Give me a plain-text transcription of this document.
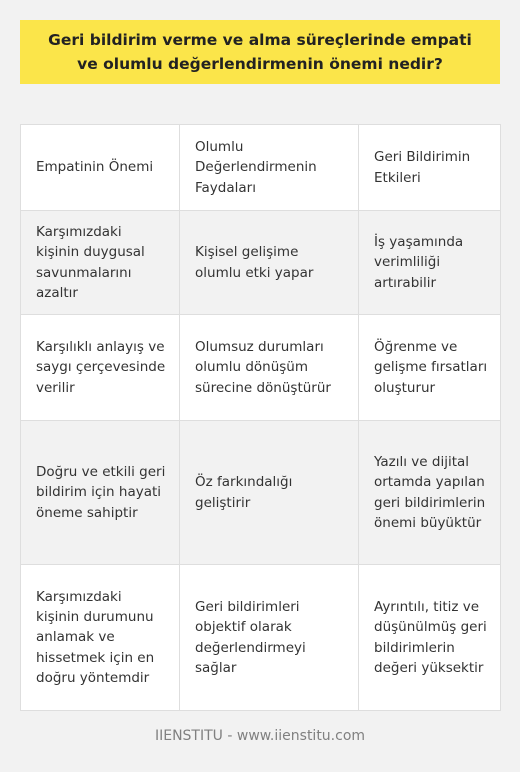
Geri bildirim verme ve alma süreçlerinde empati ve olumlu değerlendirmenin önemi nedir?
Empatinin Önemi	Olumlu Değerlendirmenin Faydaları	Geri Bildirimin Etkileri
Karşımızdaki kişinin duygusal savunmalarını azaltır	Kişisel gelişime olumlu etki yapar	İş yaşamında verimliliği artırabilir
Karşılıklı anlayış ve saygı çerçevesinde verilir	Olumsuz durumları olumlu dönüşüm sürecine dönüştürür	Öğrenme ve gelişme fırsatları oluşturur
Doğru ve etkili geri bildirim için hayati öneme sahiptir	Öz farkındalığı geliştirir	Yazılı ve dijital ortamda yapılan geri bildirimlerin önemi büyüktür
Karşımızdaki kişinin durumunu anlamak ve hissetmek için en doğru yöntemdir	Geri bildirimleri objektif olarak değerlendirmeyi sağlar	Ayrıntılı, titiz ve düşünülmüş geri bildirimlerin değeri yüksektir
IIENSTITU - www.iienstitu.com
